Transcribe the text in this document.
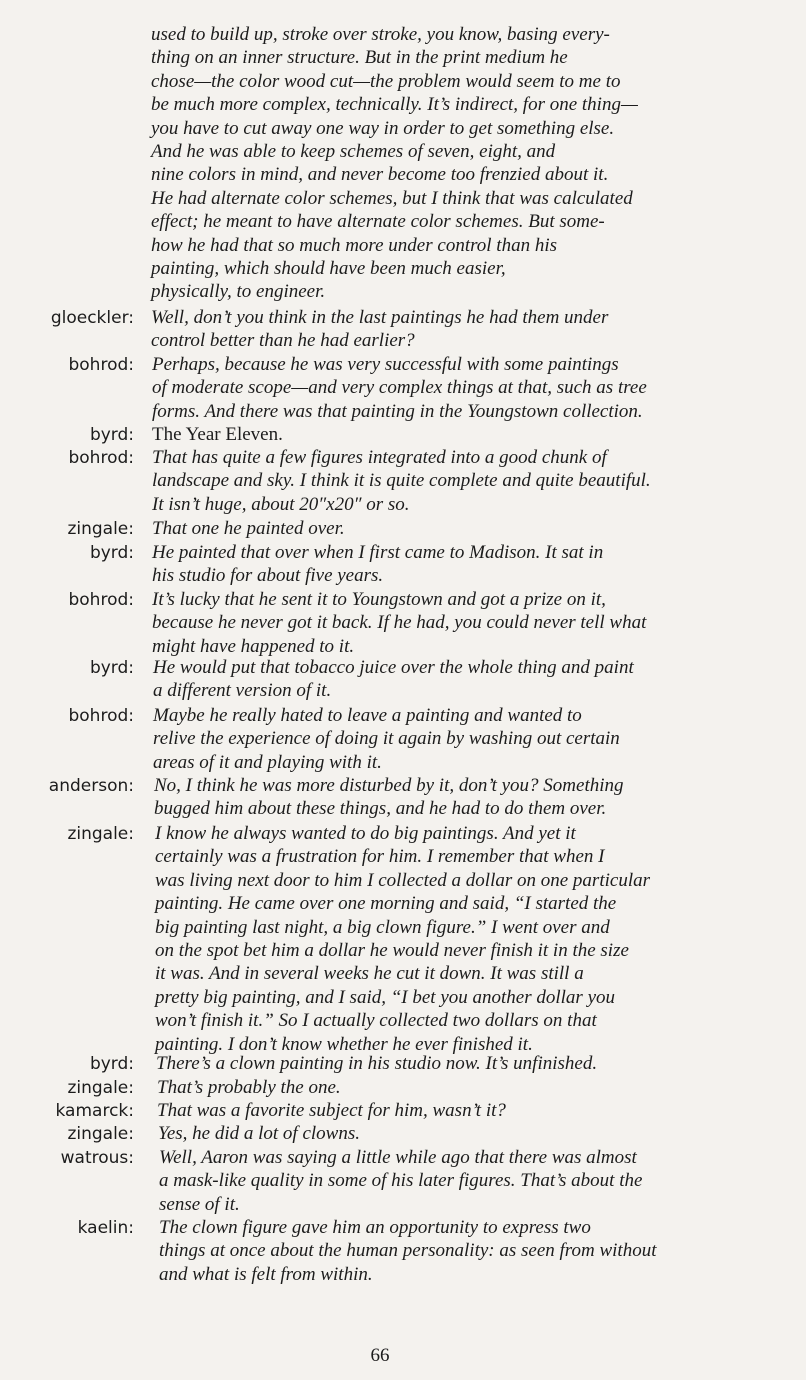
used to build up, stroke over stroke, you know, basing every-
thing on an inner structure. But in the print medium he
chose—the color wood cut—the problem would seem to me to
be much more complex, technically. It’s indirect, for one thing—
you have to cut away one way in order to get something else.
And he was able to keep schemes of seven, eight, and
nine colors in mind, and never become too frenzied about it.
He had alternate color schemes, but I think that was calculated
effect; he meant to have alternate color schemes. But some-
how he had that so much more under control than his
painting, which should have been much easier,
physically, to engineer.
gloeckler: Well, don’t you think in the last paintings he had them under
control better than he had earlier?
bohrod: Perhaps, because he was very successful with some paintings
of moderate scope—and very complex things at that, such as tree
forms. And there was that painting in the Youngstown collection.
byrd: The Year Eleven.
bohrod: That has quite a few figures integrated into a good chunk of
landscape and sky. I think it is quite complete and quite beautiful.
It isn’t huge, about 20″x20″ or so.
zingale: That one he painted over.
byrd: He painted that over when I first came to Madison. It sat in
his studio for about five years.
bohrod: It’s lucky that he sent it to Youngstown and got a prize on it,
because he never got it back. If he had, you could never tell what
might have happened to it.
byrd: He would put that tobacco juice over the whole thing and paint
a different version of it.
bohrod: Maybe he really hated to leave a painting and wanted to
relive the experience of doing it again by washing out certain
areas of it and playing with it.
anderson: No, I think he was more disturbed by it, don’t you? Something
bugged him about these things, and he had to do them over.
zingale: I know he always wanted to do big paintings. And yet it
certainly was a frustration for him. I remember that when I
was living next door to him I collected a dollar on one particular
painting. He came over one morning and said, “I started the
big painting last night, a big clown figure.” I went over and
on the spot bet him a dollar he would never finish it in the size
it was. And in several weeks he cut it down. It was still a
pretty big painting, and I said, “I bet you another dollar you
won’t finish it.” So I actually collected two dollars on that
painting. I don’t know whether he ever finished it.
byrd: There’s a clown painting in his studio now. It’s unfinished.
zingale: That’s probably the one.
kamarck: That was a favorite subject for him, wasn’t it?
zingale: Yes, he did a lot of clowns.
watrous: Well, Aaron was saying a little while ago that there was almost
a mask-like quality in some of his later figures. That’s about the
sense of it.
kaelin: The clown figure gave him an opportunity to express two
things at once about the human personality: as seen from without
and what is felt from within.
66
